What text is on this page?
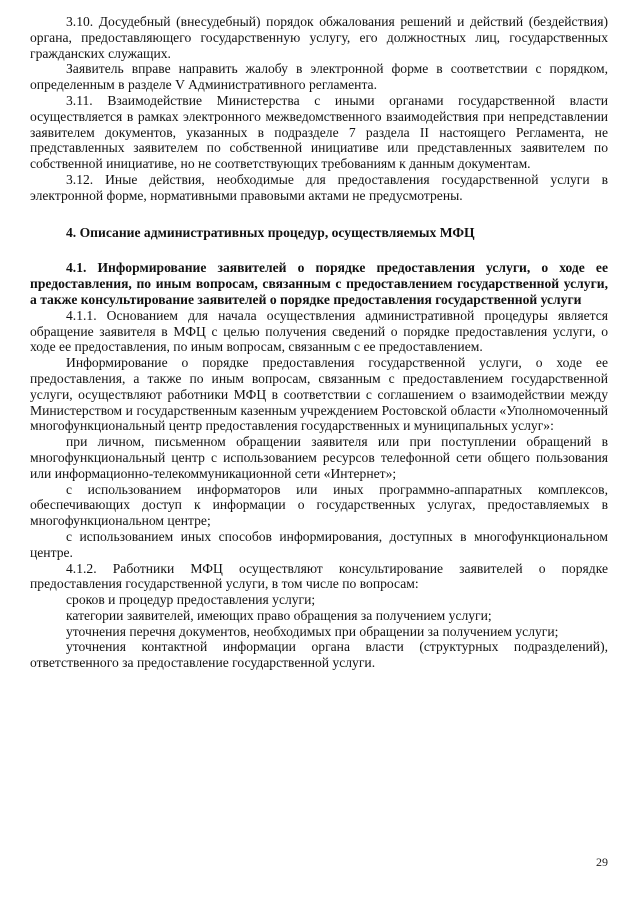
3.10. Досудебный (внесудебный) порядок обжалования решений и действий (бездействия) органа, предоставляющего государственную услугу, его должностных лиц, государственных гражданских служащих.

Заявитель вправе направить жалобу в электронной форме в соответствии с порядком, определенным в разделе V Административного регламента.

3.11. Взаимодействие Министерства с иными органами государственной власти осуществляется в рамках электронного межведомственного взаимодействия при непредставлении заявителем документов, указанных в подразделе 7 раздела II настоящего Регламента, не представленных заявителем по собственной инициативе или представленных заявителем по собственной инициативе, но не соответствующих требованиям к данным документам.

3.12. Иные действия, необходимые для предоставления государственной услуги в электронной форме, нормативными правовыми актами не предусмотрены.

4. Описание административных процедур, осуществляемых МФЦ

4.1. Информирование заявителей о порядке предоставления услуги, о ходе ее предоставления, по иным вопросам, связанным с предоставлением государственной услуги, а также консультирование заявителей о порядке предоставления государственной услуги

4.1.1. Основанием для начала осуществления административной процедуры является обращение заявителя в МФЦ с целью получения сведений о порядке предоставления услуги, о ходе ее предоставления, по иным вопросам, связанным с ее предоставлением.

Информирование о порядке предоставления государственной услуги, о ходе ее предоставления, а также по иным вопросам, связанным с предоставлением государственной услуги, осуществляют работники МФЦ в соответствии с соглашением о взаимодействии между Министерством и государственным казенным учреждением Ростовской области «Уполномоченный многофункциональный центр предоставления государственных и муниципальных услуг»:

при личном, письменном обращении заявителя или при поступлении обращений в многофункциональный центр с использованием ресурсов телефонной сети общего пользования или информационно-телекоммуникационной сети «Интернет»;

с использованием информаторов или иных программно-аппаратных комплексов, обеспечивающих доступ к информации о государственных услугах, предоставляемых в многофункциональном центре;

с использованием иных способов информирования, доступных в многофункциональном центре.

4.1.2. Работники МФЦ осуществляют консультирование заявителей о порядке предоставления государственной услуги, в том числе по вопросам:

сроков и процедур предоставления услуги;

категории заявителей, имеющих право обращения за получением услуги;

уточнения перечня документов, необходимых при обращении за получением услуги;

уточнения контактной информации органа власти (структурных подразделений), ответственного за предоставление государственной услуги.

29
